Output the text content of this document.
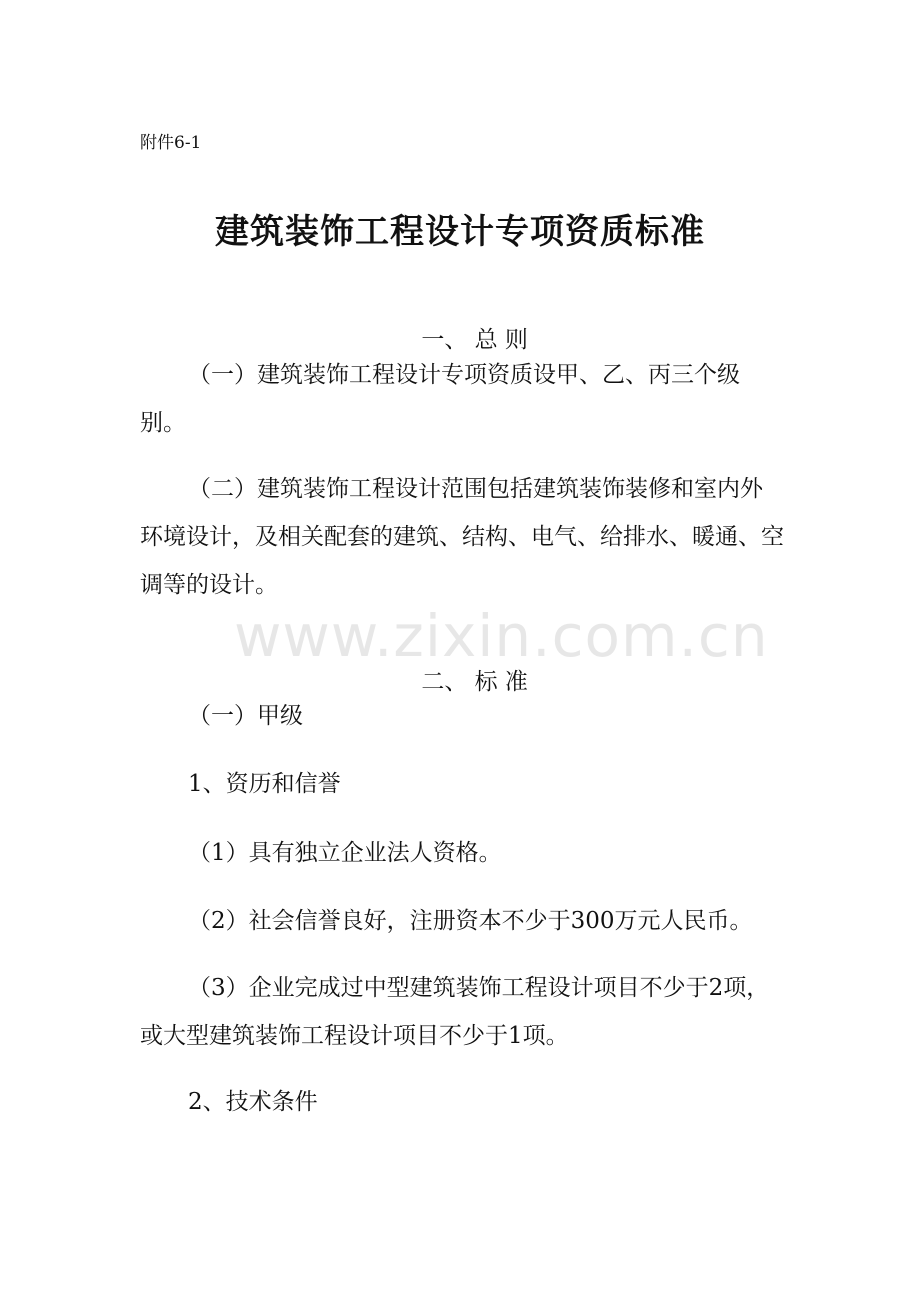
附件6-1
建筑装饰工程设计专项资质标准

一、 总 则

（一）建筑装饰工程设计专项资质设甲、乙、丙三个级别。
（二）建筑装饰工程设计范围包括建筑装饰装修和室内外环境设计，及相关配套的建筑、结构、电气、给排水、暖通、空调等的设计。

二、 标 准

（一）甲级
1、资历和信誉
（1）具有独立企业法人资格。
（2）社会信誉良好，注册资本不少于300万元人民币。
（3）企业完成过中型建筑装饰工程设计项目不少于2项，或大型建筑装饰工程设计项目不少于1项。
2、技术条件
www.zixin.com.cn
